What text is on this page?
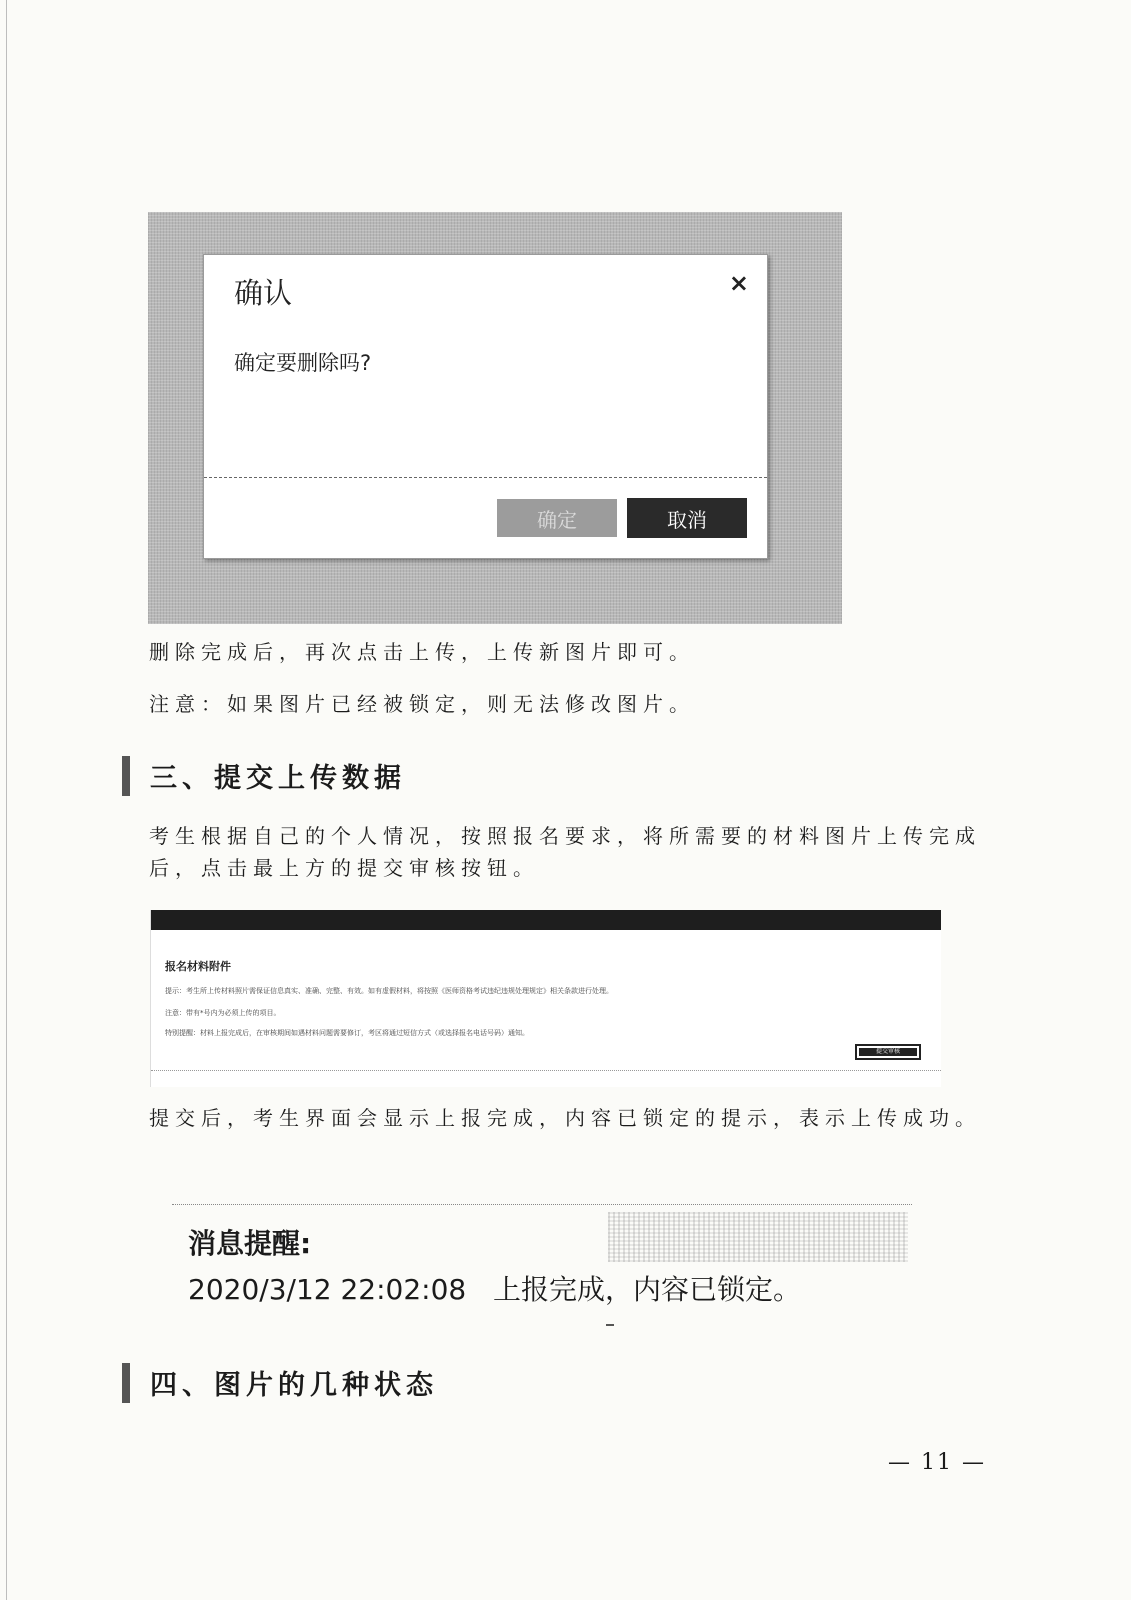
确认	×
确定要删除吗?
确定	取消
删除完成后，再次点击上传，上传新图片即可。
注意：如果图片已经被锁定，则无法修改图片。
三、提交上传数据
考生根据自己的个人情况，按照报名要求，将所需要的材料图片上传完成
后，点击最上方的提交审核按钮。
报名材料附件
提示：考生所上传材料照片需保证信息真实、准确、完整、有效。如有虚假材料，将按照《医师资格考试违纪违规处理规定》相关条款进行处理。
注意：带有*号内为必须上传的项目。
特别提醒：材料上报完成后，在审核期间如遇材料问题需要修订，考区将通过短信方式（或选择报名电话号码）通知。
提交审核
提交后，考生界面会显示上报完成，内容已锁定的提示，表示上传成功。
消息提醒:
2020/3/12 22:02:08 上报完成，内容已锁定。
四、图片的几种状态
— 11 —
